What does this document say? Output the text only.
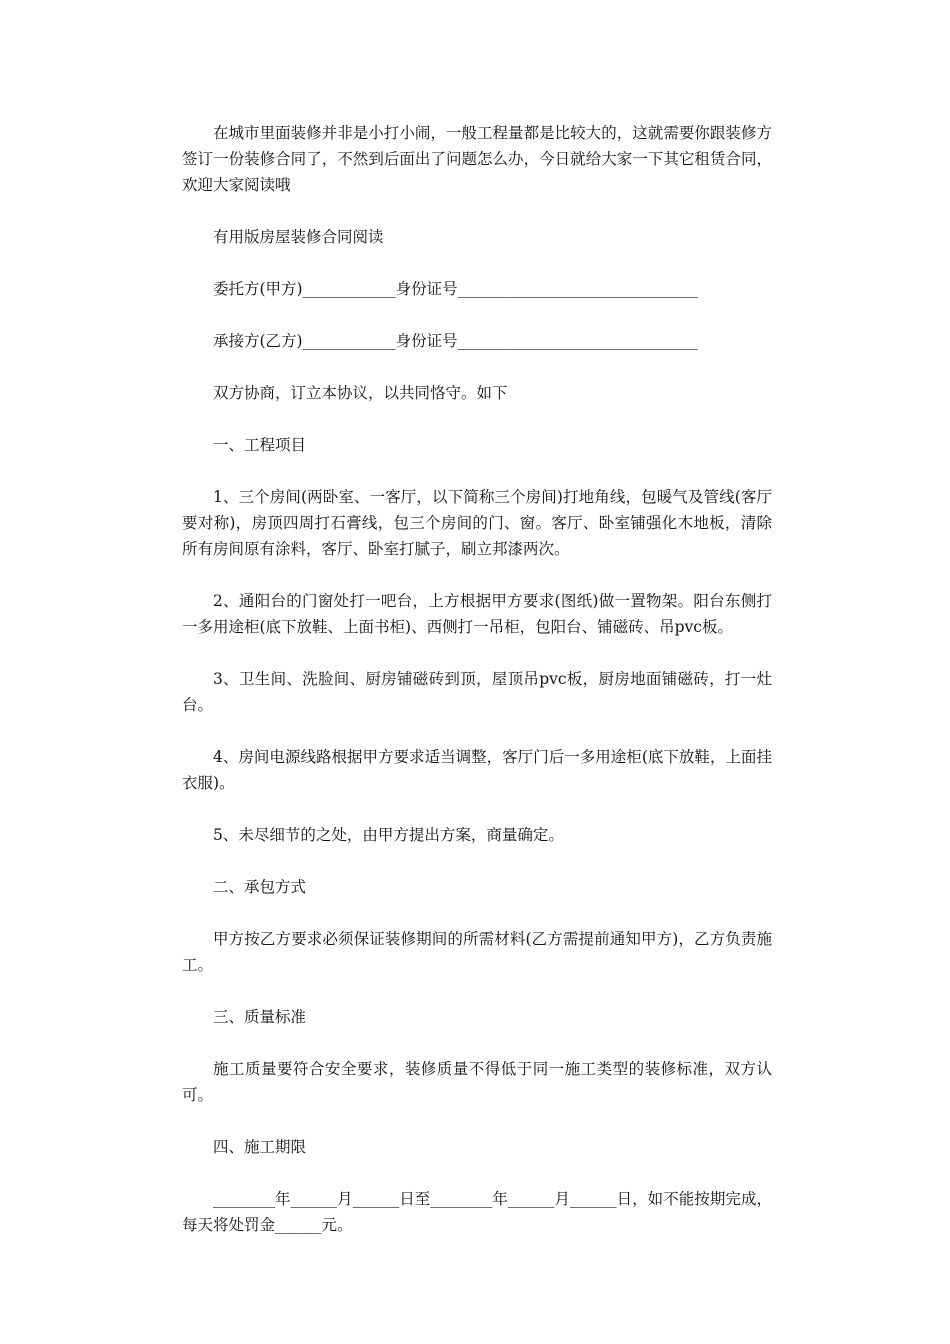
在城市里面装修并非是小打小闹，一般工程量都是比较大的，这就需要你跟装修方签订一份装修合同了，不然到后面出了问题怎么办，今日就给大家一下其它租赁合同，欢迎大家阅读哦

有用版房屋装修合同阅读

委托方(甲方)____________身份证号_______________________________

承接方(乙方)____________身份证号_______________________________

双方协商，订立本协议，以共同恪守。如下

一、工程项目

1、三个房间(两卧室、一客厅，以下简称三个房间)打地角线，包暖气及管线(客厅要对称)，房顶四周打石膏线，包三个房间的门、窗。客厅、卧室铺强化木地板，清除所有房间原有涂料，客厅、卧室打腻子，刷立邦漆两次。

2、通阳台的门窗处打一吧台，上方根据甲方要求(图纸)做一置物架。阳台东侧打一多用途柜(底下放鞋、上面书柜)、西侧打一吊柜，包阳台、铺磁砖、吊pvc板。

3、卫生间、洗脸间、厨房铺磁砖到顶，屋顶吊pvc板，厨房地面铺磁砖，打一灶台。

4、房间电源线路根据甲方要求适当调整，客厅门后一多用途柜(底下放鞋，上面挂衣服)。

5、未尽细节的之处，由甲方提出方案，商量确定。

二、承包方式

甲方按乙方要求必须保证装修期间的所需材料(乙方需提前通知甲方)，乙方负责施工。

三、质量标准

施工质量要符合安全要求，装修质量不得低于同一施工类型的装修标准，双方认可。

四、施工期限

________年______月______日至________年______月______日，如不能按期完成，每天将处罚金______元。
